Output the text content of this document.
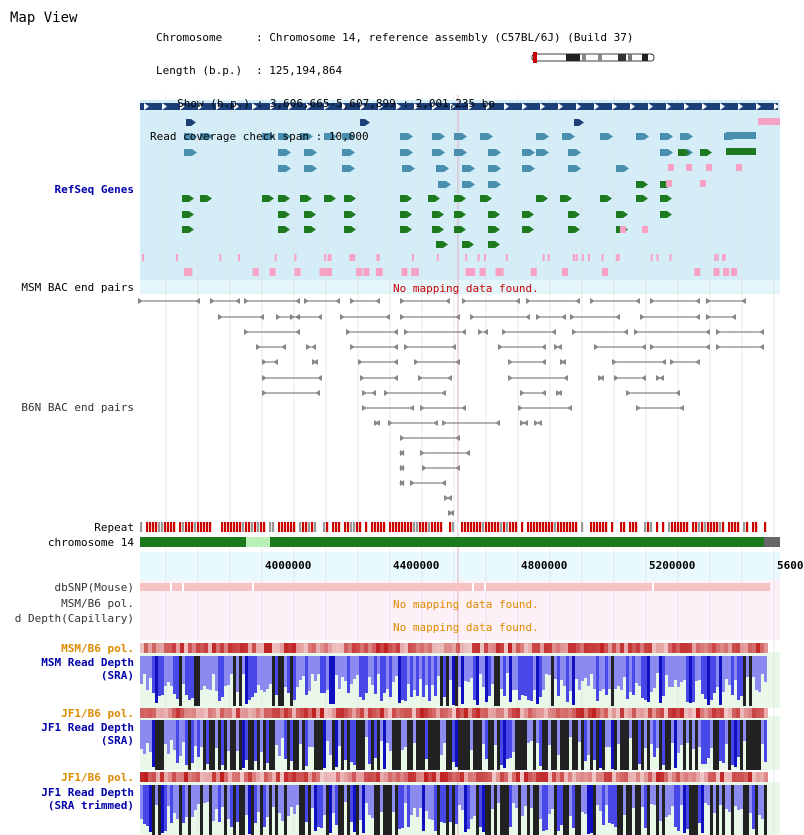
Map View

Chromosome	: Chromosome 14, reference assembly (C57BL/6J) (Build 37)

Length (b.p.) : 125,194,864

Show (b.p.) : 3,606,665-5,607,899 : 2,001,235 bp

Read coverage check span : 10,000

RefSeq Genes
MSM BAC end pairs
B6N BAC end pairs
Repeat
chromosome 14
dbSNP(Mouse)
MSM/B6 pol.
d Depth(Capillary)
MSM/B6 pol.
MSM Read Depth
(SRA)
JF1/B6 pol.
JF1 Read Depth
(SRA)
JF1/B6 pol.
JF1 Read Depth
(SRA trimmed)
No mapping data found.
No mapping data found.
No mapping data found.
4000000	4400000	4800000	5200000	5600
